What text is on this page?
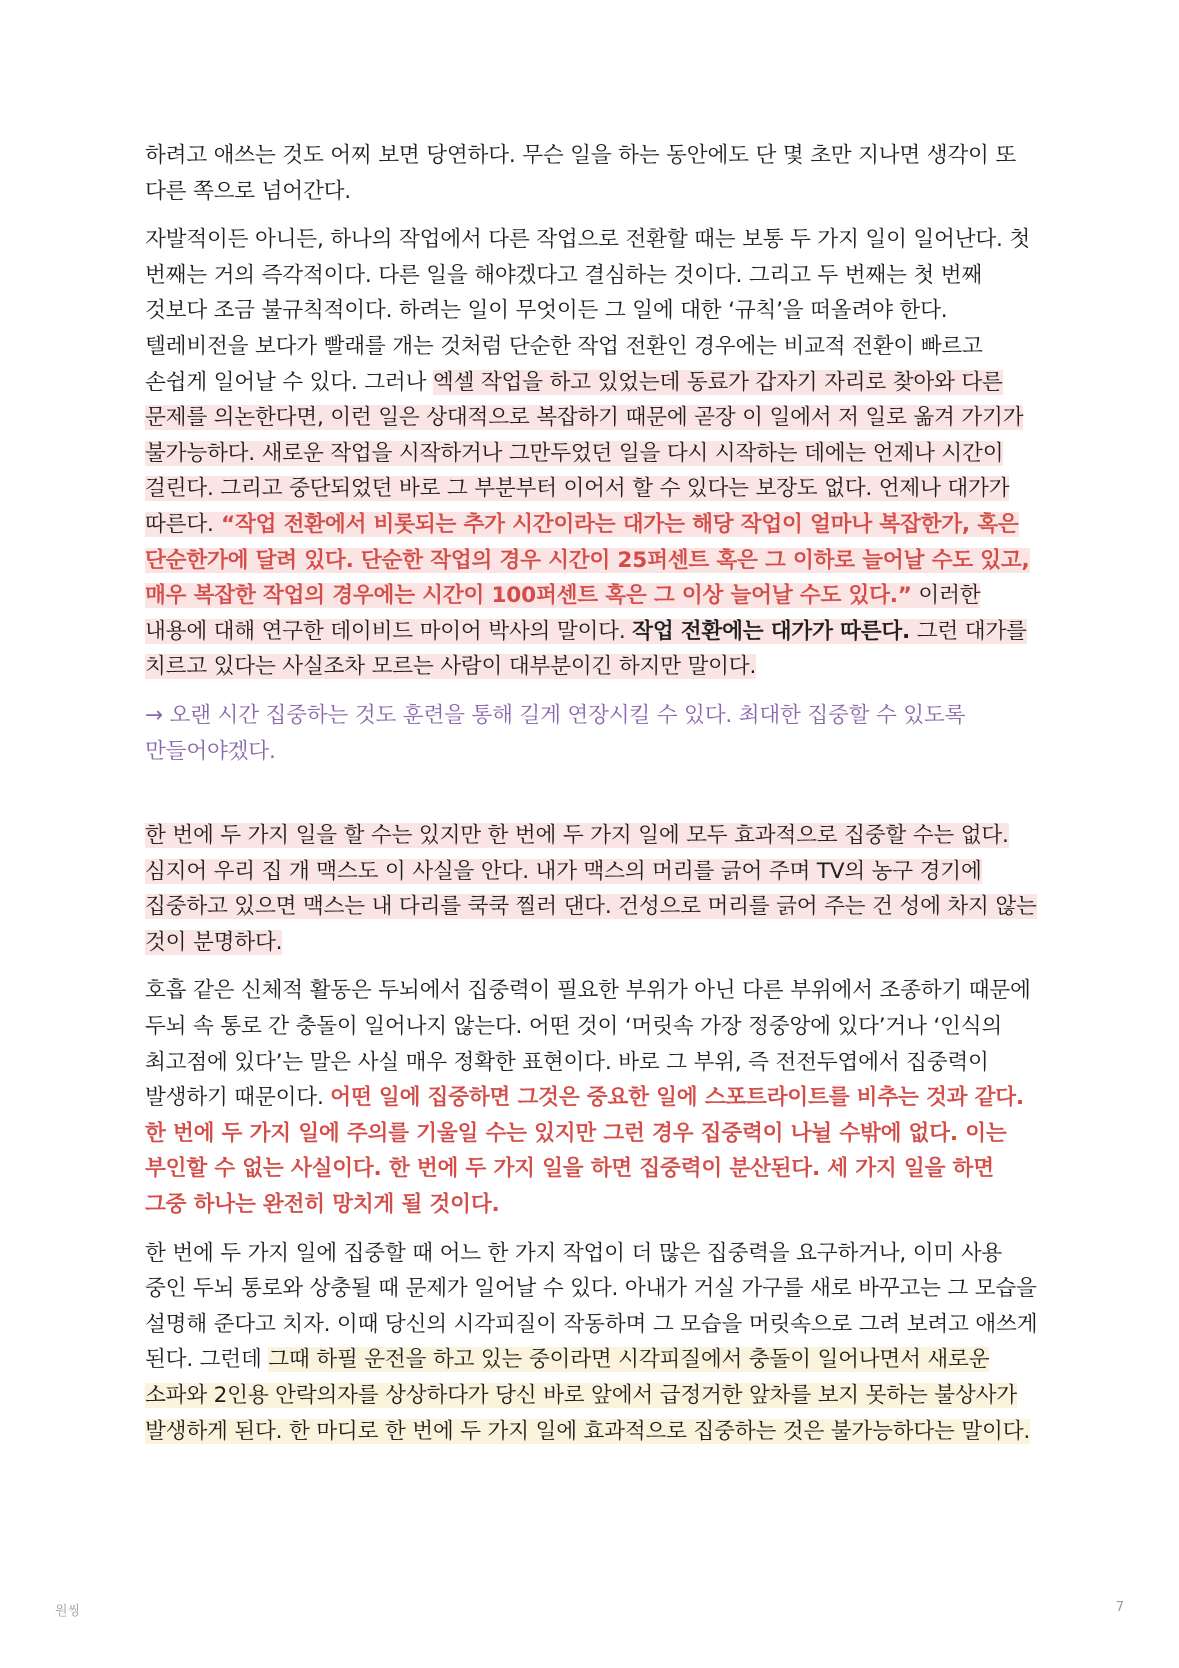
하려고 애쓰는 것도 어찌 보면 당연하다. 무슨 일을 하는 동안에도 단 몇 초만 지나면 생각이 또 다른 쪽으로 넘어간다.

자발적이든 아니든, 하나의 작업에서 다른 작업으로 전환할 때는 보통 두 가지 일이 일어난다. 첫 번째는 거의 즉각적이다. 다른 일을 해야겠다고 결심하는 것이다. 그리고 두 번째는 첫 번째 것보다 조금 불규칙적이다. 하려는 일이 무엇이든 그 일에 대한 ‘규칙’을 떠올려야 한다. 텔레비전을 보다가 빨래를 개는 것처럼 단순한 작업 전환인 경우에는 비교적 전환이 빠르고 손쉽게 일어날 수 있다. 그러나 엑셀 작업을 하고 있었는데 동료가 갑자기 자리로 찾아와 다른 문제를 의논한다면, 이런 일은 상대적으로 복잡하기 때문에 곧장 이 일에서 저 일로 옮겨 가기가 불가능하다. 새로운 작업을 시작하거나 그만두었던 일을 다시 시작하는 데에는 언제나 시간이 걸린다. 그리고 중단되었던 바로 그 부분부터 이어서 할 수 있다는 보장도 없다. 언제나 대가가 따른다. “작업 전환에서 비롯되는 추가 시간이라는 대가는 해당 작업이 얼마나 복잡한가, 혹은 단순한가에 달려 있다. 단순한 작업의 경우 시간이 25퍼센트 혹은 그 이하로 늘어날 수도 있고, 매우 복잡한 작업의 경우에는 시간이 100퍼센트 혹은 그 이상 늘어날 수도 있다.” 이러한 내용에 대해 연구한 데이비드 마이어 박사의 말이다. 작업 전환에는 대가가 따른다. 그런 대가를 치르고 있다는 사실조차 모르는 사람이 대부분이긴 하지만 말이다.

→ 오랜 시간 집중하는 것도 훈련을 통해 길게 연장시킬 수 있다. 최대한 집중할 수 있도록 만들어야겠다.

한 번에 두 가지 일을 할 수는 있지만 한 번에 두 가지 일에 모두 효과적으로 집중할 수는 없다. 심지어 우리 집 개 맥스도 이 사실을 안다. 내가 맥스의 머리를 긁어 주며 TV의 농구 경기에 집중하고 있으면 맥스는 내 다리를 쿡쿡 찔러 댄다. 건성으로 머리를 긁어 주는 건 성에 차지 않는 것이 분명하다.

호흡 같은 신체적 활동은 두뇌에서 집중력이 필요한 부위가 아닌 다른 부위에서 조종하기 때문에 두뇌 속 통로 간 충돌이 일어나지 않는다. 어떤 것이 ‘머릿속 가장 정중앙에 있다’거나 ‘인식의 최고점에 있다’는 말은 사실 매우 정확한 표현이다. 바로 그 부위, 즉 전전두엽에서 집중력이 발생하기 때문이다. 어떤 일에 집중하면 그것은 중요한 일에 스포트라이트를 비추는 것과 같다. 한 번에 두 가지 일에 주의를 기울일 수는 있지만 그런 경우 집중력이 나뉠 수밖에 없다. 이는 부인할 수 없는 사실이다. 한 번에 두 가지 일을 하면 집중력이 분산된다. 세 가지 일을 하면 그중 하나는 완전히 망치게 될 것이다.

한 번에 두 가지 일에 집중할 때 어느 한 가지 작업이 더 많은 집중력을 요구하거나, 이미 사용 중인 두뇌 통로와 상충될 때 문제가 일어날 수 있다. 아내가 거실 가구를 새로 바꾸고는 그 모습을 설명해 준다고 치자. 이때 당신의 시각피질이 작동하며 그 모습을 머릿속으로 그려 보려고 애쓰게 된다. 그런데 그때 하필 운전을 하고 있는 중이라면 시각피질에서 충돌이 일어나면서 새로운 소파와 2인용 안락의자를 상상하다가 당신 바로 앞에서 급정거한 앞차를 보지 못하는 불상사가 발생하게 된다. 한 마디로 한 번에 두 가지 일에 효과적으로 집중하는 것은 불가능하다는 말이다.

원씽	7
